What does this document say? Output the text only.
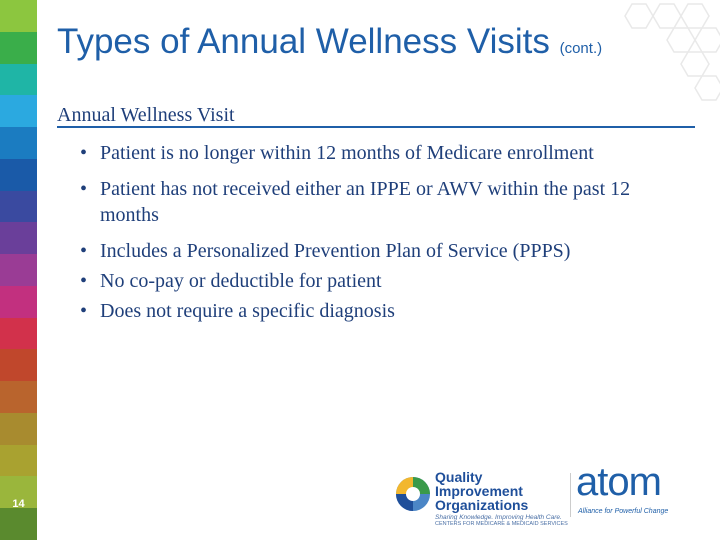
Types of Annual Wellness Visits (cont.)
Annual Wellness Visit
• Patient is no longer within 12 months of Medicare enrollment
• Patient has not received either an IPPE or AWV within the past 12 months
• Includes a Personalized Prevention Plan of Service (PPPS)
• No co-pay or deductible for patient
• Does not require a specific diagnosis
14
Quality Improvement
Organizations
Sharing Knowledge. Improving Health Care.
CENTERS FOR MEDICARE & MEDICAID SERVICES
atom
Alliance for Powerful Change
